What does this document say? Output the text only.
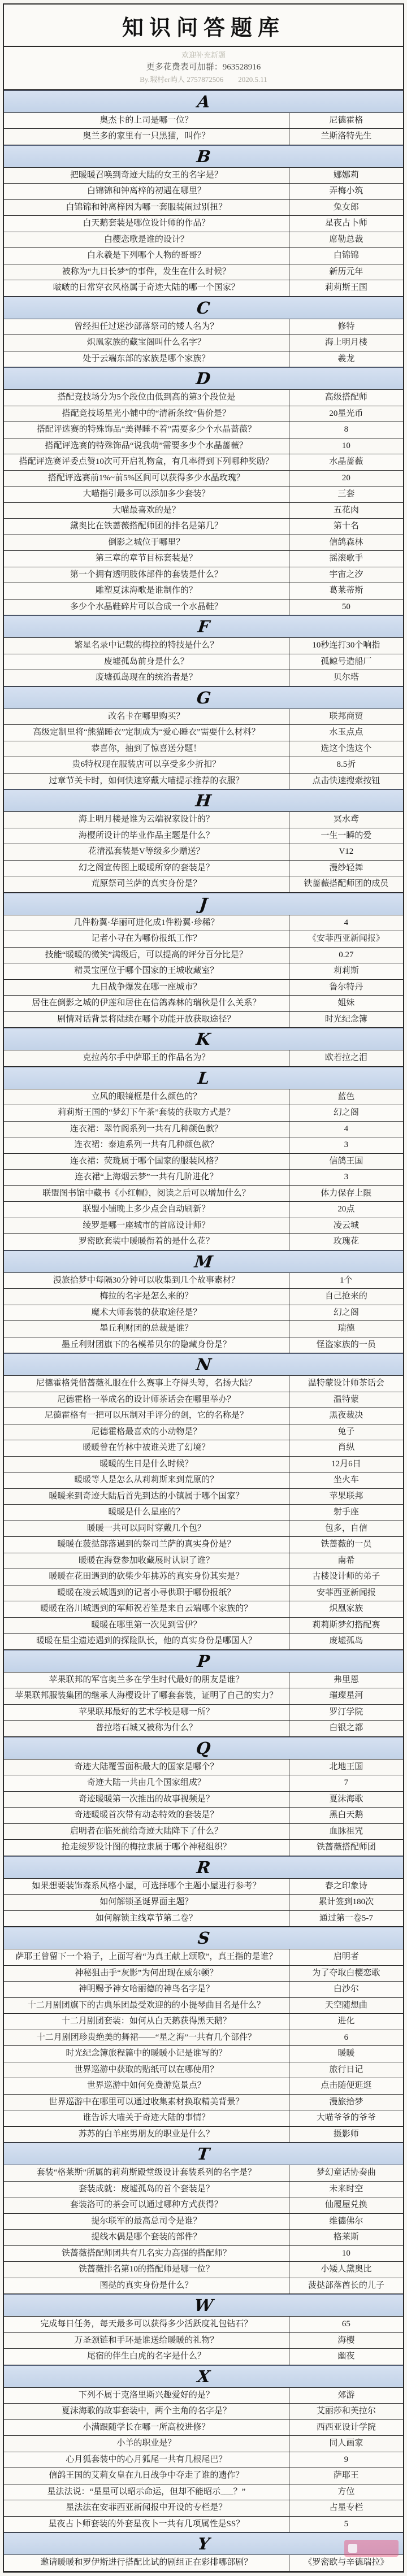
知识问答题库
欢迎补充新题
更多花费表可加群：963528916
By.瑕村er屿人 2757872506　　2020.5.11
A
奥杰卡的上司是哪一位？	尼德霍格
奥兰多的家里有一只黑猫，叫作？	兰斯洛特先生
B
把暖暖召唤到奇迹大陆的女王的名字是？	娜娜莉
白锦锦和钟离梓的初遇在哪里？	弄梅小筑
白锦锦和钟离梓因为哪一套服装闹过别扭？	兔女郎
白天鹅套装是哪位设计师的作品？	星夜占卜师
白樱恋歌是谁的设计？	席勒总裁
白永羲是下列哪个人物的哥哥？	白锦锦
被称为“九日长梦”的事件，发生在什么时候？	新历元年
啵啵的日常穿衣风格属于奇迹大陆的哪一个国家？	莉莉斯王国
C
曾经担任过迷沙部落祭司的矮人名为？	修特
炽凰家族的藏宝阁叫什么名字？	海上明月楼
处于云端东部的家族是哪个家族？	羲龙
D
搭配竞技场分为5个段位由低到高的第3个段位是	高级搭配师
搭配竞技场星光小铺中的“清新条纹”售价是？	20星光币
搭配评选赛的特殊饰品“美得睡不着”需要多少个水晶蔷薇？	8
搭配评选赛的特殊饰品“说我萌”需要多少个水晶蔷薇？	10
搭配评选赛评委点赞10次可开启礼物盒，有几率得到下列哪种奖励？	水晶蔷薇
搭配评选赛前1%~前5%区间可以获得多少水晶玫瑰？	20
大喵指引最多可以添加多少套装？	三套
大喵最喜欢的是？	五花肉
黛奥比在铁蔷薇搭配师团的排名是第几？	第十名
倒影之城位于哪里？	信鸽森林
第三章的章节目标套装是？	摇滚歌手
第一个拥有透明肢体部件的套装是什么？	宇宙之汐
雕塑夏沫海歌是谁制作的？	葛莱蒂斯
多少个水晶鞋碎片可以合成一个水晶鞋？	50
F
繁星名录中记载的梅拉的特技是什么？	10秒连打30个响指
废墟孤岛前身是什么？	孤鲸号造船厂
废墟孤岛现在的统治者是？	贝尔塔
G
改名卡在哪里购买？	联邦商贸
高级定制里将“熊猫睡衣”定制成为“爱心睡衣”需要什么材料？	水玉点点
恭喜你，抽到了惊喜送分题！	选这个选这个
贵6特权现在服装店可以享受多少折扣？	8.5折
过章节关卡时，如何快速穿戴大喵提示推荐的衣服？	点击快速搜索按钮
H
海上明月楼是谁为云端祝家设计的？	冥水鸢
海樱所设计的毕业作品主题是什么？	一生一瞬的爱
花清泓套装是V等级多少赠送？	V12
幻之阁宣传图上暖暖所穿的套装是？	漫纱轻舞
荒原祭司兰萨的真实身份是？	铁蔷薇搭配师团的成员
J
几件粉翼·华丽可进化成1件粉翼·珍稀？	4
记者小寻在为哪份报纸工作？	《安菲西亚新闻报》
技能“暖暖的微笑”满级后，可以提高的评分百分比是？	0.27
精灵宝匣位于哪个国家的王城收藏室？	莉莉斯
九日战争爆发在哪一座城市？	鲁尔特丹
居住在倒影之城的伊莲和居住在信鸽森林的瑞秋是什么关系？	姐妹
剧情对话背景将陆续在哪个功能开放获取途径？	时光纪念簿
K
克拉芮尔手中萨耶王的作品名为？	欧若拉之泪
L
立风的眼镜框是什么颜色的？	蓝色
莉莉斯王国的“梦幻下午茶”套装的获取方式是？	幻之阁
连衣裙：翠竹阁系列一共有几种颜色款？	4
连衣裙：泰迪系列一共有几种颜色款？	3
连衣裙：荧珑属于哪个国家的服装风格？	信鸽王国
连衣裙“上海烟云梦”一共有几阶进化？	3
联盟图书馆中藏书《小红帽》，阅读之后可以增加什么？	体力保存上限
联盟小铺晚上多少点会自动刷新？	20点
绫罗是哪一座城市的首席设计师？	凌云城
罗密欧套装中暖暖衔着的是什么花？	玫瑰花
M
漫旅拾梦中每隔30分钟可以收集到几个故事素材？	1个
梅拉的名字是怎么来的？	自己抢来的
魔术大师套装的获取途径是？	幻之阁
墨丘利财团的总裁是谁？	瑞德
墨丘利财团旗下的名模希贝尔的隐藏身份是？	怪盗家族的一员
N
尼德霍格凭借蔷薇礼服在什么赛事上夺得头筹，名扬大陆？	温特蒙设计师茶话会
尼德霍格一举成名的设计师茶话会在哪里举办？	温特蒙
尼德霍格有一把可以压制对手评分的剑，它的名称是？	黑夜裁决
尼德霍格最喜欢的小动物是？	兔子
暖暖曾在竹林中被谁关进了幻境？	肖纵
暖暖的生日是什么时候？	12月6日
暖暖等人是怎么从莉莉斯来到荒原的？	坐火车
暖暖来到奇迹大陆后首先到达的小镇属于哪个国家？	苹果联邦
暖暖是什么星座的？	射手座
暖暖一共可以同时穿戴几个包？	包多，自信
暖暖在菠挞部落遇到的祭司兰萨的真实身份是？	铁蔷薇的一员
暖暖在海登参加收藏展时认识了谁？	南希
暖暖在花田遇到的砍柴少年拂苏的真实身份其实是？	古楼设计师的弟子
暖暖在凌云城遇到的记者小寻供职于哪份报纸？	安菲西亚新闻报
暖暖在洛川城遇到的军师祝若笙是来自云端哪个家族的？	炽凰家族
暖暖在哪里第一次见到雪伊？	莉莉斯梦幻搭配赛
暖暖在星尘遗迹遇到的探险队长，他的真实身份是哪国人？	废墟孤岛
P
苹果联邦的军官奥兰多在学生时代最好的朋友是谁？	弗里恩
苹果联邦服装集团的继承人海樱设计了哪套套装，证明了自己的实力？	璀璨星河
苹果联邦最好的艺术学校是哪一所？	罗汀学院
普拉塔石城又被称为什么？	白银之都
Q
奇迹大陆覆雪面积最大的国家是哪个？	北地王国
奇迹大陆一共由几个国家组成？	7
奇迹暖暖第一次推出的故事视频是？	夏沫海歌
奇迹暖暖首次带有动态特效的套装是？	黑白天鹅
启明者在临死前给奇迹大陆降下了什么？	血脉祖咒
抢走绫罗设计图的梅拉隶属于哪个神秘组织？	铁蔷薇搭配师团
R
如果想要装饰森系风格小屋，可选择哪个主题小屋进行参考？	春之印象诗
如何解锁圣诞界面主题？	累计签到180次
如何解锁主线章节第二卷？	通过第一卷5-7
S
萨耶王曾留下一个箱子，上面写着“为真王献上颂歌”，真王指的是谁？	启明者
神秘狙击手“灰影”为何出现在威尔顿？	为了夺取白樱恋歌
神明赐予神女哈丽德的神鸟名字是？	白沙尔
十二月剧团旗下的古典乐团最受欢迎的的小提琴曲目名是什么？	天空随想曲
十二月剧团套装：如何从白天鹅获得黑天鹅？	进化
十二月剧团珍贵绝美的舞裙——“星之海”一共有几个部件？	6
时光纪念簿旅程篇中的暖暖小记是谁写的？	暖暖
世界巡游中获取的贴纸可以在哪使用？	旅行日记
世界巡游中如何免费游览景点？	点击随便逛逛
世界巡游中在哪里可以通过收集素材换取精美背景？	漫旅拾梦
谁告诉大喵关于奇迹大陆的事情？	大喵爷爷的爷爷
苏苏的白羊座男朋友的职业是什么？	摄影师
T
套装“格莱斯”所属的莉莉斯殿堂级设计套装系列的名字是？	梦幻童话协奏曲
套装成就：废墟孤岛的首个套装是？	未来时空
套装洛可的茶会可以通过哪种方式获得？	仙履屋兑换
提尔联军的最高总司令是谁？	维德佛尔
提线木偶是哪个套装的部件？	格莱斯
铁蔷薇搭配师团共有几名实力高强的搭配师？	10
铁蔷薇排名第10的搭配师是哪一位？	小矮人黛奥比
图挞的真实身份是什么？	菠挞部落酋长的儿子
W
完成每日任务，每天最多可以获得多少活跃度礼包钻石？	65
万圣颈链和手环是谁送给暖暖的礼物？	海樱
尾宿的伴生白虎的名字是什么？	幽夜
X
下列不属于克洛里斯兴趣爱好的是？	郊游
夏沫海歌的故事套装中，两个主角的名字是？	艾丽莎和芙拉尔
小满跟随学长在哪一所高校进修？	西西亚设计学院
小羊的职业是？	同人画家
心月狐套装中的心月狐尾一共有几根尾巴？	9
信鸽王国的艾莉女皇在九日战争中夺走了谁的遗作？	萨耶王
星法法说：“星星可以昭示命运，但却不能昭示___？”	方位
星法法在安菲西亚新闻报中开设的专栏是？	占星专栏
星夜占卜师套装的外套星夜卜一共有几项属性是SS？	5
Y
邀请暖暖和罗伊斯进行搭配比试的剧组正在彩排哪部剧？	《罗密欧与辛德瑞拉》
